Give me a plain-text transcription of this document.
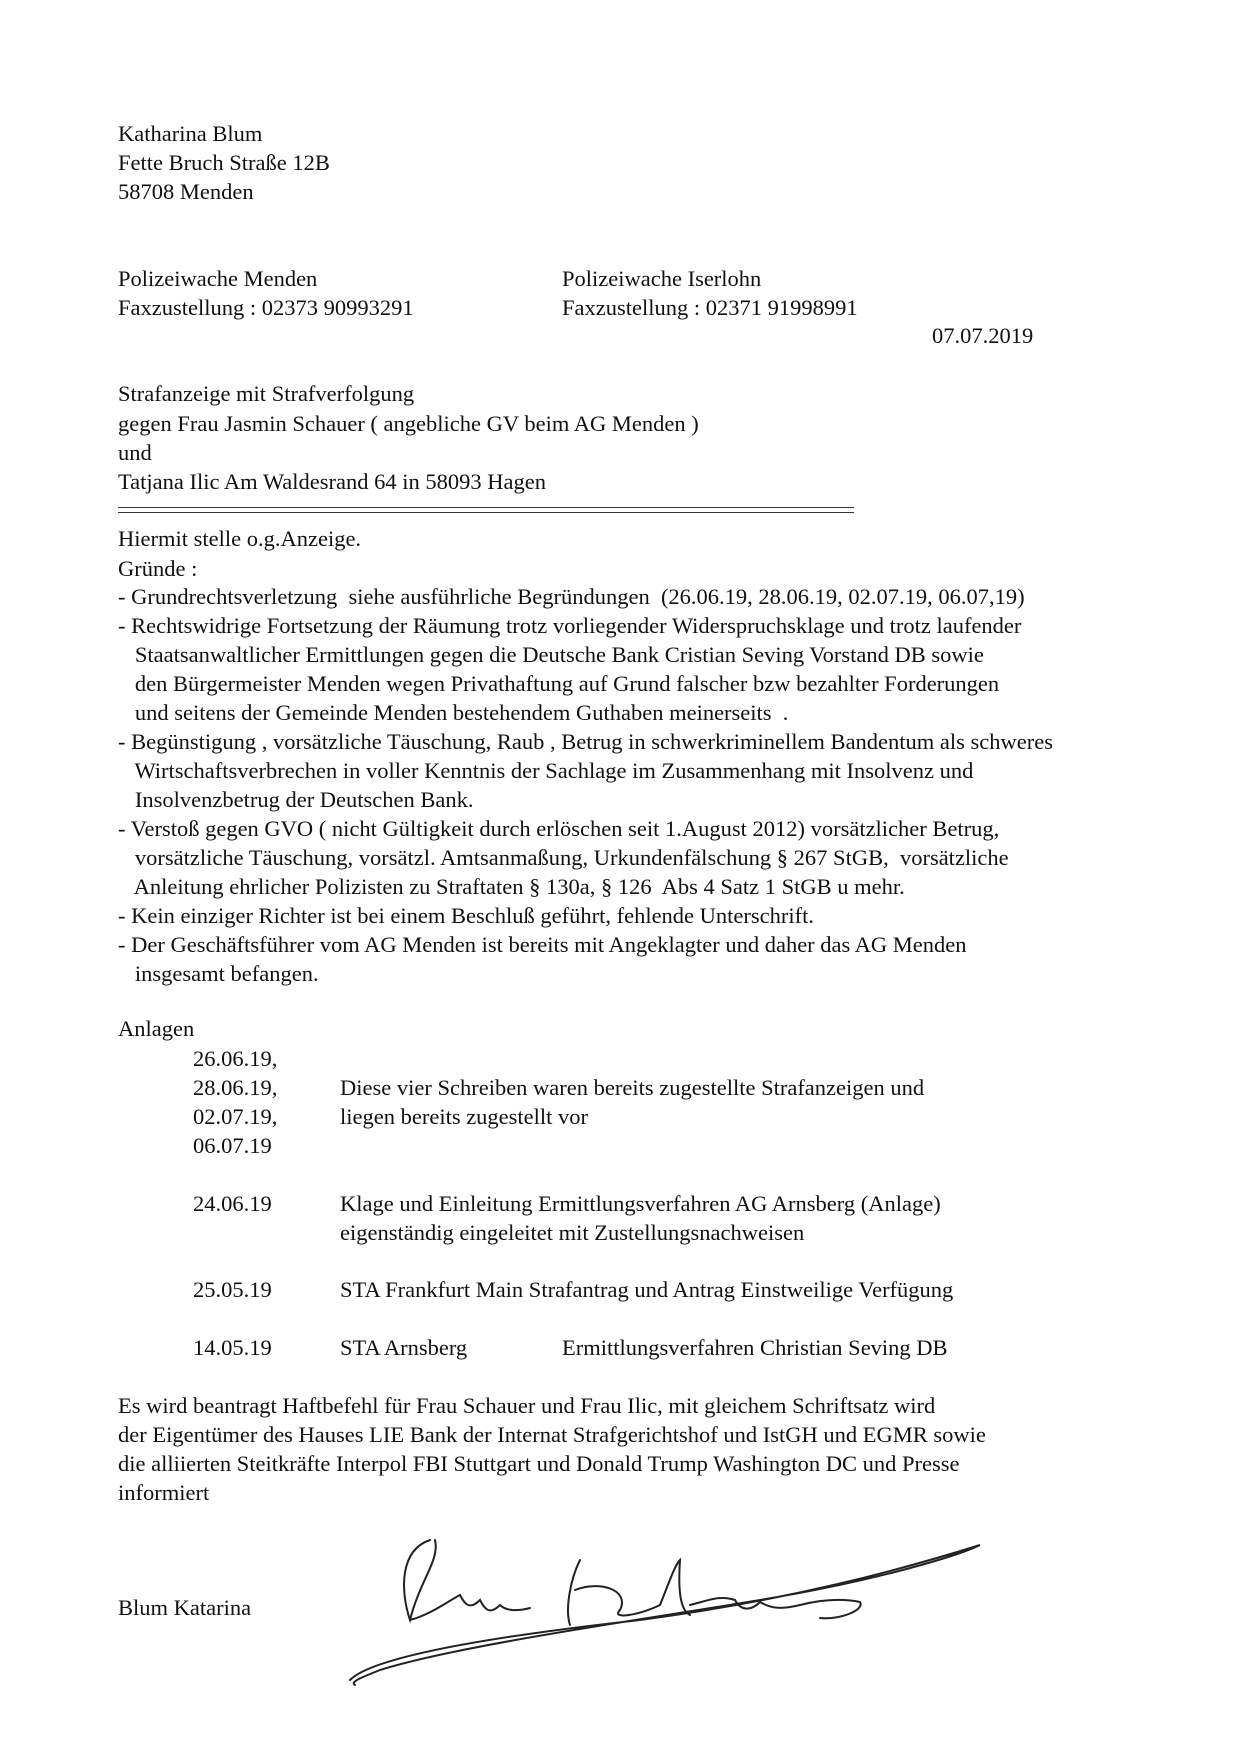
Katharina Blum
Fette Bruch Straße 12B
58708 Menden
Polizeiwache Menden
Faxzustellung : 02373 90993291
Polizeiwache Iserlohn
Faxzustellung : 02371 91998991
07.07.2019
Strafanzeige mit Strafverfolgung
gegen Frau Jasmin Schauer ( angebliche GV beim AG Menden )
und
Tatjana Ilic Am Waldesrand 64 in 58093 Hagen
Hiermit stelle o.g.Anzeige.
Gründe :
- Grundrechtsverletzung  siehe ausführliche Begründungen  (26.06.19, 28.06.19, 02.07.19, 06.07,19)
- Rechtswidrige Fortsetzung der Räumung trotz vorliegender Widerspruchsklage und trotz laufender
Staatsanwaltlicher Ermittlungen gegen die Deutsche Bank Cristian Seving Vorstand DB sowie
den Bürgermeister Menden wegen Privathaftung auf Grund falscher bzw bezahlter Forderungen
und seitens der Gemeinde Menden bestehendem Guthaben meinerseits  .
- Begünstigung , vorsätzliche Täuschung, Raub , Betrug in schwerkriminellem Bandentum als schweres
Wirtschaftsverbrechen in voller Kenntnis der Sachlage im Zusammenhang mit Insolvenz und
Insolvenzbetrug der Deutschen Bank.
- Verstoß gegen GVO ( nicht Gültigkeit durch erlöschen seit 1.August 2012) vorsätzlicher Betrug,
vorsätzliche Täuschung, vorsätzl. Amtsanmaßung, Urkundenfälschung § 267 StGB,  vorsätzliche
Anleitung ehrlicher Polizisten zu Straftaten § 130a, § 126  Abs 4 Satz 1 StGB u mehr.
- Kein einziger Richter ist bei einem Beschluß geführt, fehlende Unterschrift.
- Der Geschäftsführer vom AG Menden ist bereits mit Angeklagter und daher das AG Menden
insgesamt befangen.
Anlagen
26.06.19,
28.06.19,
02.07.19,
06.07.19
Diese vier Schreiben waren bereits zugestellte Strafanzeigen und
liegen bereits zugestellt vor
24.06.19	Klage und Einleitung Ermittlungsverfahren AG Arnsberg (Anlage)
eigenständig eingeleitet mit Zustellungsnachweisen
25.05.19	STA Frankfurt Main Strafantrag und Antrag Einstweilige Verfügung
14.05.19	STA Arnsberg	Ermittlungsverfahren Christian Seving DB
Es wird beantragt Haftbefehl für Frau Schauer und Frau Ilic, mit gleichem Schriftsatz wird
der Eigentümer des Hauses LIE Bank der Internat Strafgerichtshof und IstGH und EGMR sowie
die alliierten Steitkräfte Interpol FBI Stuttgart und Donald Trump Washington DC und Presse
informiert
Blum Katarina
